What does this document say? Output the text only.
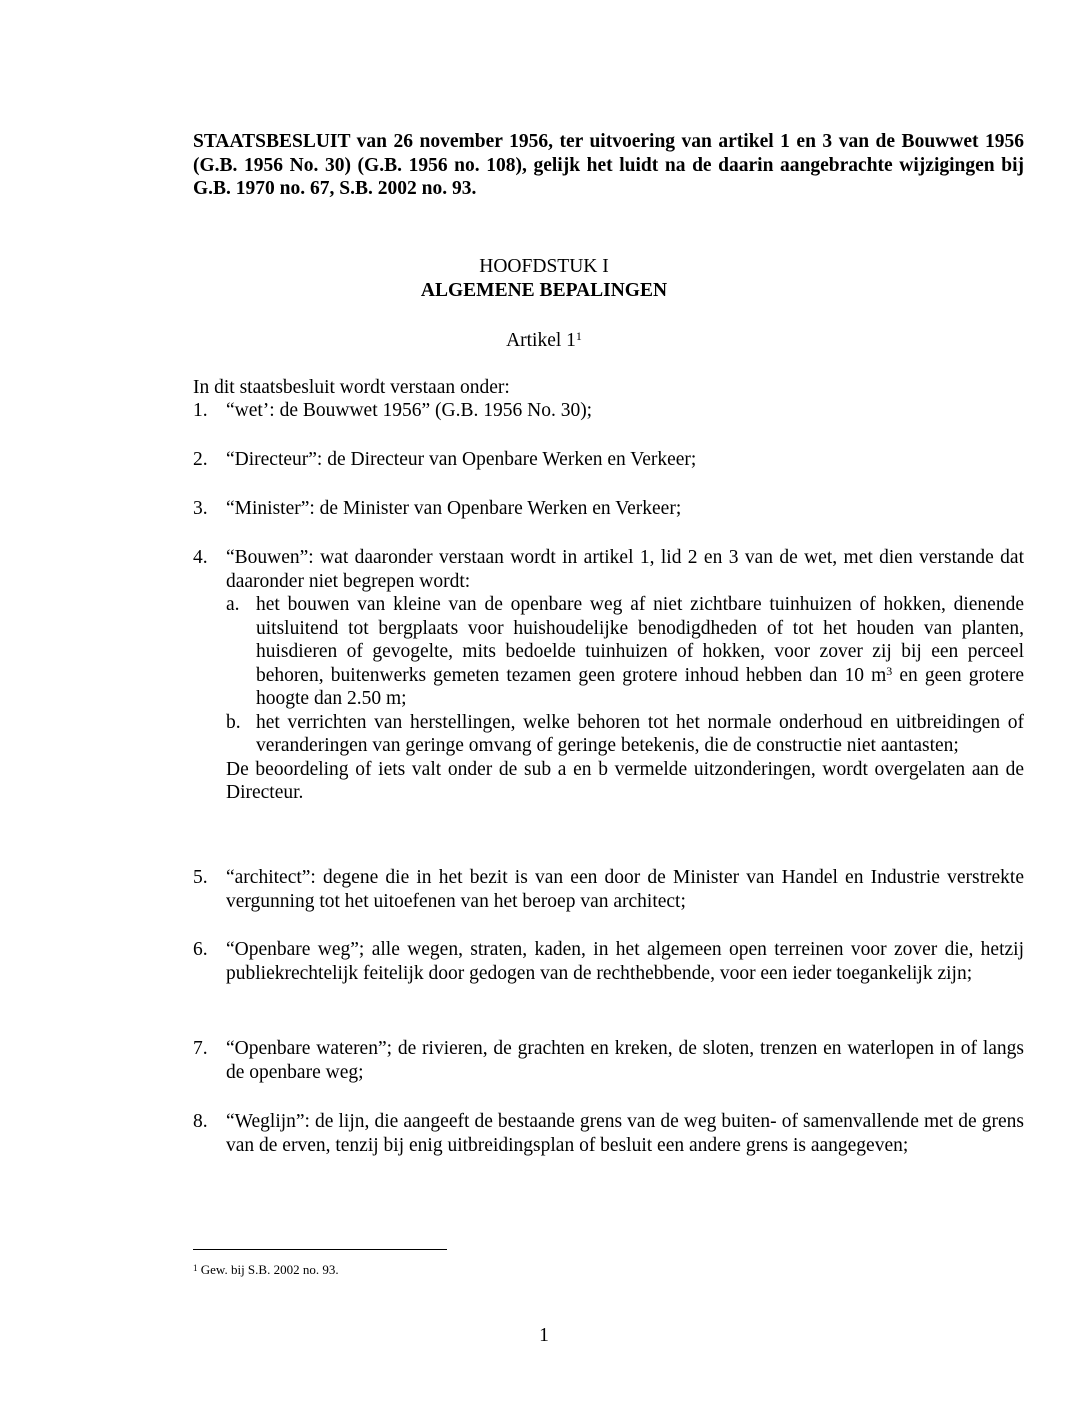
STAATSBESLUIT van 26 november 1956, ter uitvoering van artikel 1 en 3 van de Bouwwet 1956 (G.B. 1956 No. 30) (G.B. 1956 no. 108), gelijk het luidt na de daarin aangebrachte wijzigingen bij G.B. 1970 no. 67, S.B. 2002 no. 93.
HOOFDSTUK I
ALGEMENE BEPALINGEN
Artikel $1^1$
In dit staatsbesluit wordt verstaan onder:
1. “wet’: de Bouwwet 1956” (G.B. 1956 No. 30);
2. “Directeur”: de Directeur van Openbare Werken en Verkeer;
3. “Minister”: de Minister van Openbare Werken en Verkeer;
4. “Bouwen”: wat daaronder verstaan wordt in artikel 1, lid 2 en 3 van de wet, met dien verstande dat daaronder niet begrepen wordt:
a. het bouwen van kleine van de openbare weg af niet zichtbare tuinhuizen of hokken, dienende uitsluitend tot bergplaats voor huishoudelijke benodigdheden of tot het houden van planten, huisdieren of gevogelte, mits bedoelde tuinhuizen of hokken, voor zover zij bij een perceel behoren, buitenwerks gemeten tezamen geen grotere inhoud hebben dan 10 $m^3$ en geen grotere hoogte dan 2.50 m;
b. het verrichten van herstellingen, welke behoren tot het normale onderhoud en uitbreidingen of veranderingen van geringe omvang of geringe betekenis, die de constructie niet aantasten;
De beoordeling of iets valt onder de sub a en b vermelde uitzonderingen, wordt overgelaten aan de Directeur.
5. “architect”: degene die in het bezit is van een door de Minister van Handel en Industrie verstrekte vergunning tot het uitoefenen van het beroep van architect;
6. “Openbare weg”; alle wegen, straten, kaden, in het algemeen open terreinen voor zover die, hetzij publiekrechtelijk feitelijk door gedogen van de rechthebbende, voor een ieder toegankelijk zijn;
7. “Openbare wateren”; de rivieren, de grachten en kreken, de sloten, trenzen en waterlopen in of langs de openbare weg;
8. “Weglijn”: de lijn, die aangeeft de bestaande grens van de weg buiten- of samenvallende met de grens van de erven, tenzij bij enig uitbreidingsplan of besluit een andere grens is aangegeven;
$^1$ Gew. bij S.B. 2002 no. 93.
1
